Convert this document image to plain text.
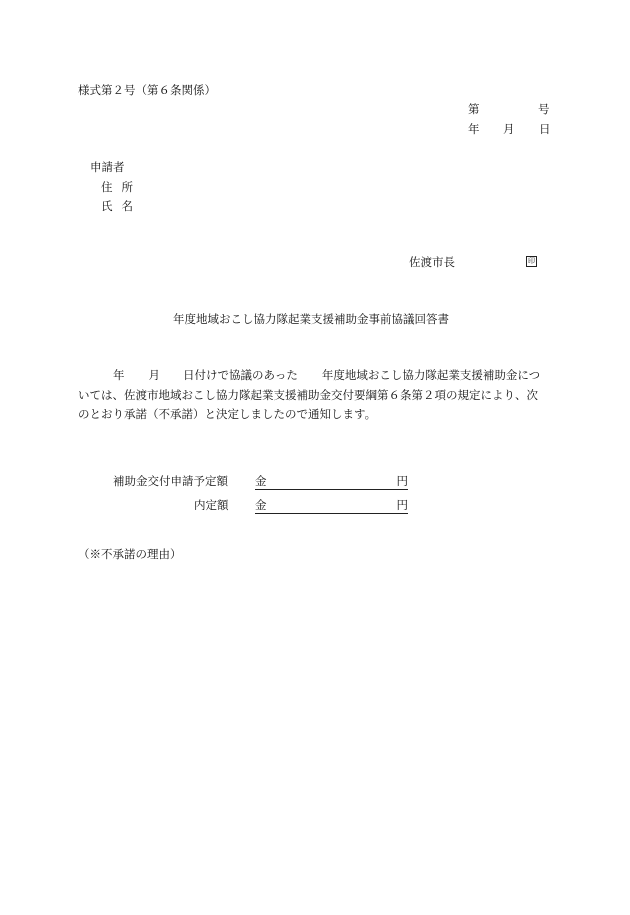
様式第２号（第６条関係）
第	号
年 月 日
申請者
住所
氏名
佐渡市長	印
年度地域おこし協力隊起業支援補助金事前協議回答書
年 月 日付けで協議のあった 年度地域おこし協力隊起業支援補助金につ
いては、佐渡市地域おこし協力隊起業支援補助金交付要綱第６条第２項の規定により、次
のとおり承諾（不承諾）と決定しましたので通知します。
補助金交付申請予定額 金	円
内定額 金	円
（※不承諾の理由）
